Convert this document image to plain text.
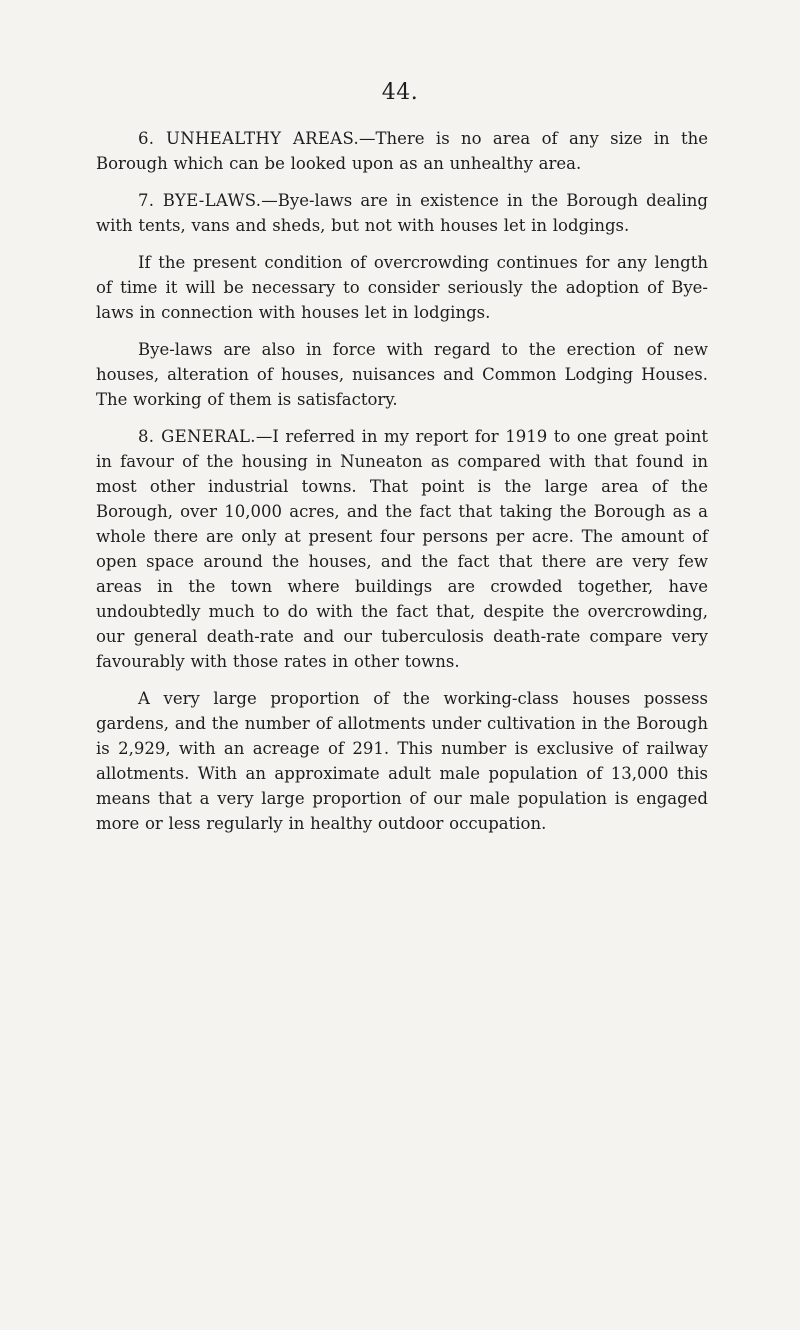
44.

6. UNHEALTHY AREAS.—There is no area of any size in the Borough which can be looked upon as an unhealthy area.

7. BYE-LAWS.—Bye-laws are in existence in the Borough dealing with tents, vans and sheds, but not with houses let in lodgings.

If the present condition of overcrowding continues for any length of time it will be necessary to consider seriously the adoption of Bye-laws in connection with houses let in lodgings.

Bye-laws are also in force with regard to the erection of new houses, alteration of houses, nuisances and Common Lodging Houses. The working of them is satisfactory.

8. GENERAL.—I referred in my report for 1919 to one great point in favour of the housing in Nuneaton as compared with that found in most other industrial towns. That point is the large area of the Borough, over 10,000 acres, and the fact that taking the Borough as a whole there are only at present four persons per acre. The amount of open space around the houses, and the fact that there are very few areas in the town where buildings are crowded together, have undoubtedly much to do with the fact that, despite the overcrowding, our general death-rate and our tuberculosis death-rate compare very favourably with those rates in other towns.

A very large proportion of the working-class houses possess gardens, and the number of allotments under cultivation in the Borough is 2,929, with an acreage of 291. This number is exclusive of railway allotments. With an approximate adult male population of 13,000 this means that a very large proportion of our male population is engaged more or less regularly in healthy outdoor occupation.
